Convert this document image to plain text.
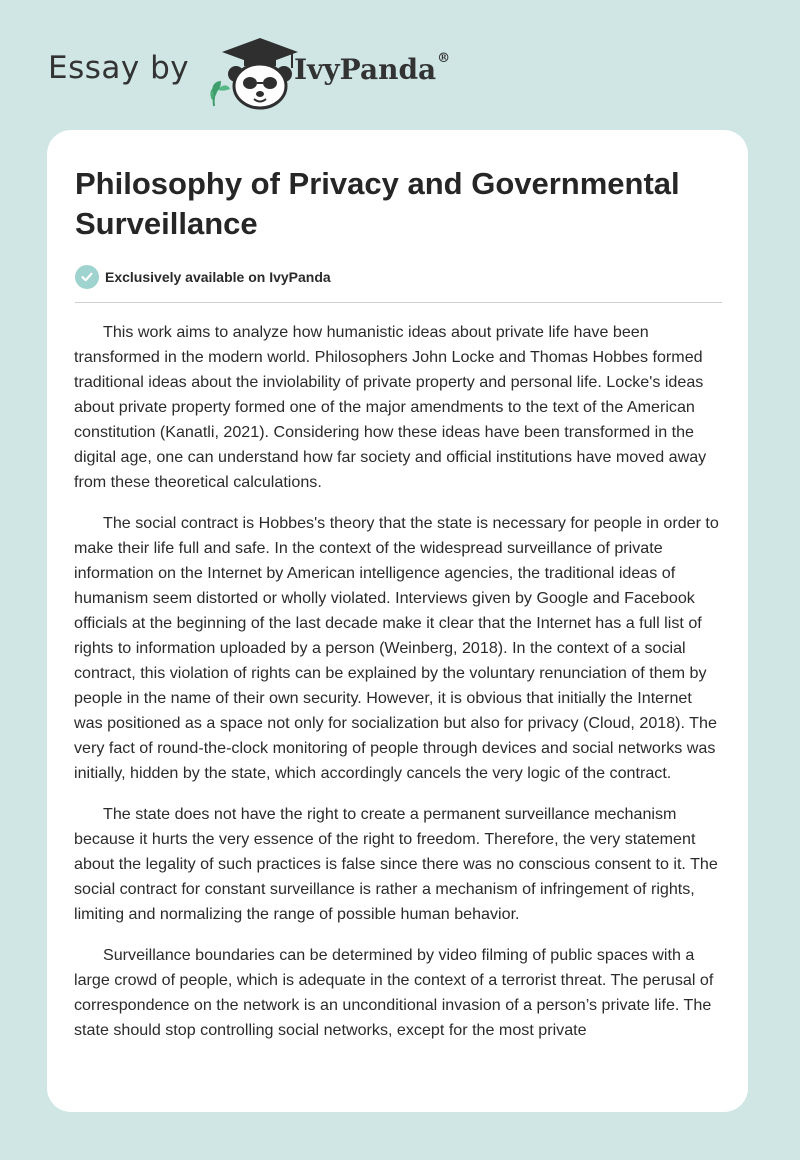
Essay by	IvyPanda®
Philosophy of Privacy and Governmental Surveillance
Exclusively available on IvyPanda

This work aims to analyze how humanistic ideas about private life have been transformed in the modern world. Philosophers John Locke and Thomas Hobbes formed traditional ideas about the inviolability of private property and personal life. Locke's ideas about private property formed one of the major amendments to the text of the American constitution (Kanatli, 2021). Considering how these ideas have been transformed in the digital age, one can understand how far society and official institutions have moved away from these theoretical calculations.

The social contract is Hobbes's theory that the state is necessary for people in order to make their life full and safe. In the context of the widespread surveillance of private information on the Internet by American intelligence agencies, the traditional ideas of humanism seem distorted or wholly violated. Interviews given by Google and Facebook officials at the beginning of the last decade make it clear that the Internet has a full list of rights to information uploaded by a person (Weinberg, 2018). In the context of a social contract, this violation of rights can be explained by the voluntary renunciation of them by people in the name of their own security. However, it is obvious that initially the Internet was positioned as a space not only for socialization but also for privacy (Cloud, 2018). The very fact of round-the-clock monitoring of people through devices and social networks was initially, hidden by the state, which accordingly cancels the very logic of the contract.

The state does not have the right to create a permanent surveillance mechanism because it hurts the very essence of the right to freedom. Therefore, the very statement about the legality of such practices is false since there was no conscious consent to it. The social contract for constant surveillance is rather a mechanism of infringement of rights, limiting and normalizing the range of possible human behavior.

Surveillance boundaries can be determined by video filming of public spaces with a large crowd of people, which is adequate in the context of a terrorist threat. The perusal of correspondence on the network is an unconditional invasion of a person’s private life. The state should stop controlling social networks, except for the most private
